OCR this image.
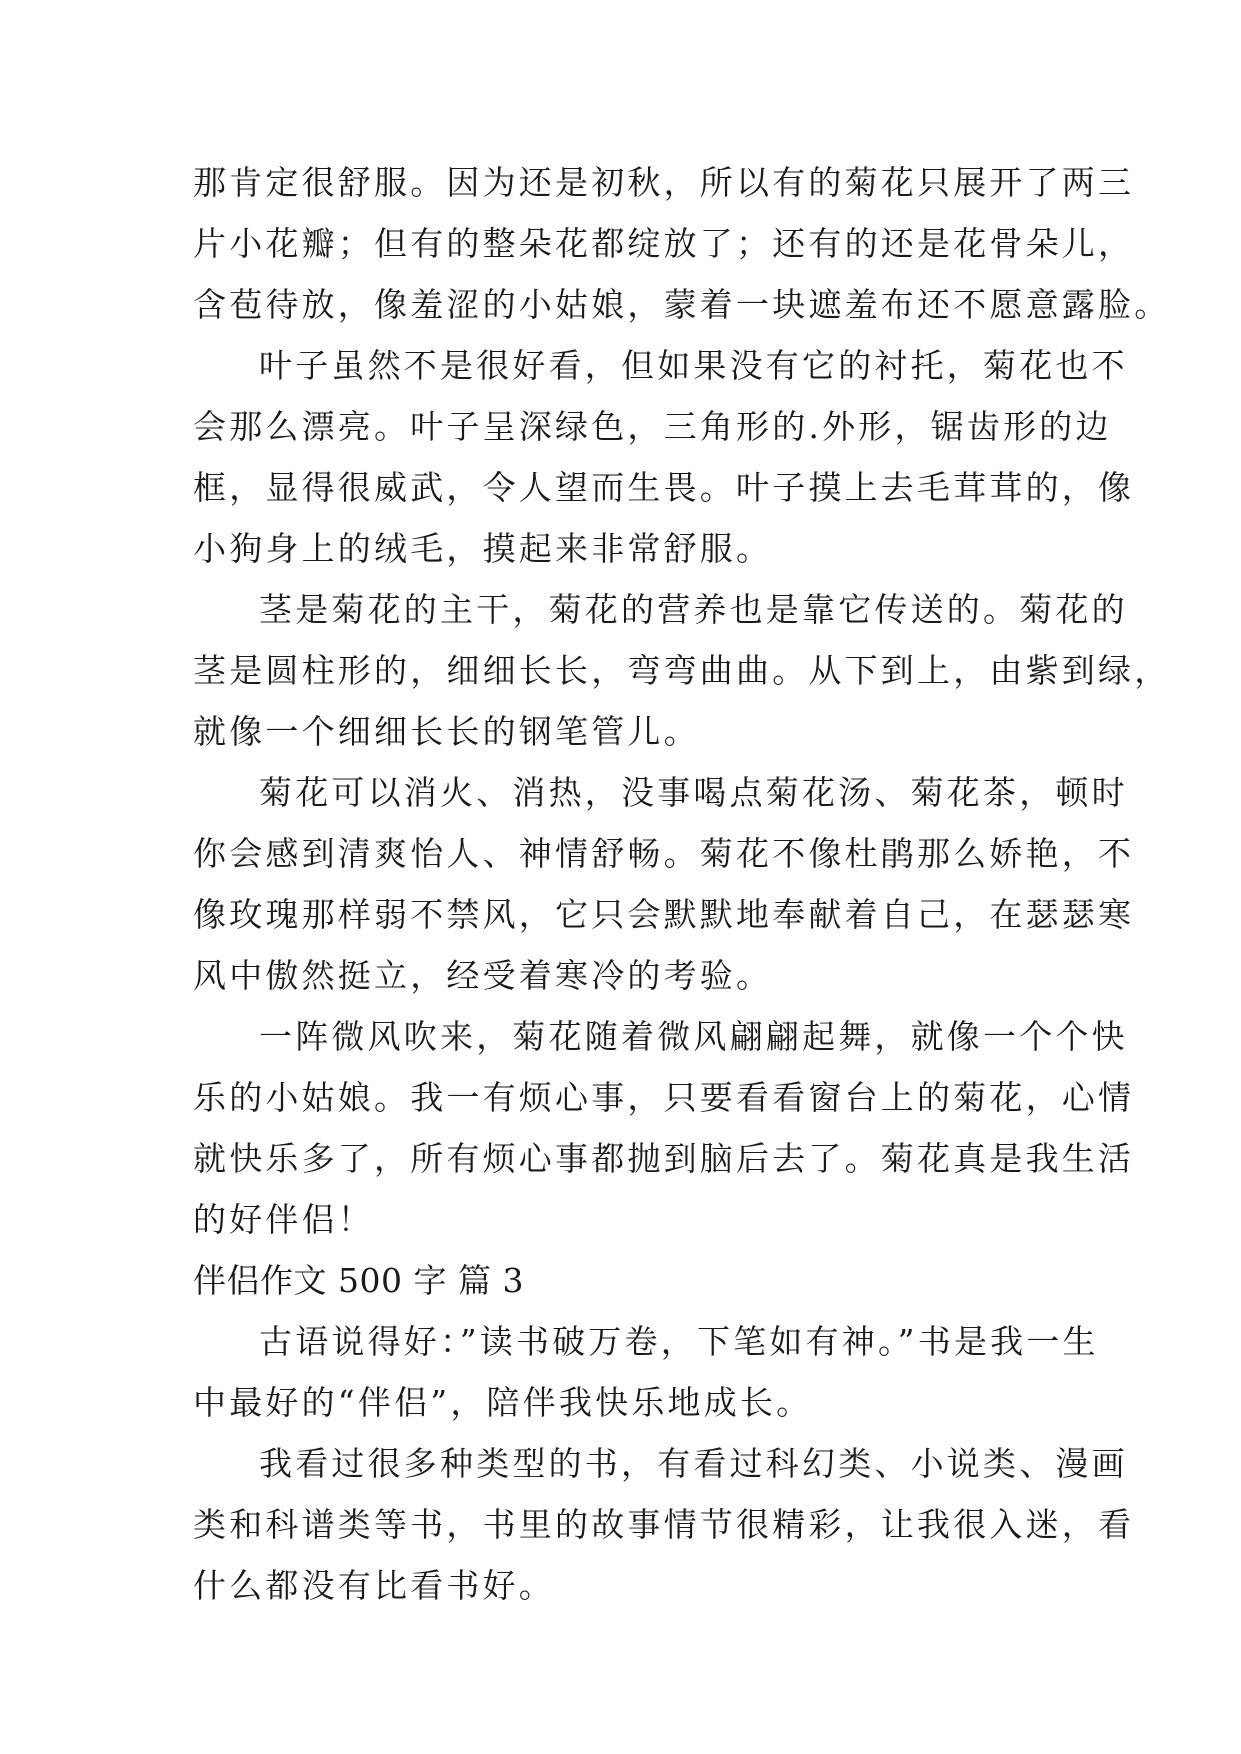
那肯定很舒服。因为还是初秋，所以有的菊花只展开了两三
片小花瓣；但有的整朵花都绽放了；还有的还是花骨朵儿，
含苞待放，像羞涩的小姑娘，蒙着一块遮羞布还不愿意露脸。
叶子虽然不是很好看，但如果没有它的衬托，菊花也不
会那么漂亮。叶子呈深绿色，三角形的.外形，锯齿形的边
框，显得很威武，令人望而生畏。叶子摸上去毛茸茸的，像
小狗身上的绒毛，摸起来非常舒服。
茎是菊花的主干，菊花的营养也是靠它传送的。菊花的
茎是圆柱形的，细细长长，弯弯曲曲。从下到上，由紫到绿，
就像一个细细长长的钢笔管儿。
菊花可以消火、消热，没事喝点菊花汤、菊花茶，顿时
你会感到清爽怡人、神情舒畅。菊花不像杜鹃那么娇艳，不
像玫瑰那样弱不禁风，它只会默默地奉献着自己，在瑟瑟寒
风中傲然挺立，经受着寒冷的考验。
一阵微风吹来，菊花随着微风翩翩起舞，就像一个个快
乐的小姑娘。我一有烦心事，只要看看窗台上的菊花，心情
就快乐多了，所有烦心事都抛到脑后去了。菊花真是我生活
的好伴侣！
伴侣作文 500 字 篇 3
古语说得好：”读书破万卷，下笔如有神。”书是我一生
中最好的“伴侣”，陪伴我快乐地成长。
我看过很多种类型的书，有看过科幻类、小说类、漫画
类和科谱类等书，书里的故事情节很精彩，让我很入迷，看
什么都没有比看书好。
